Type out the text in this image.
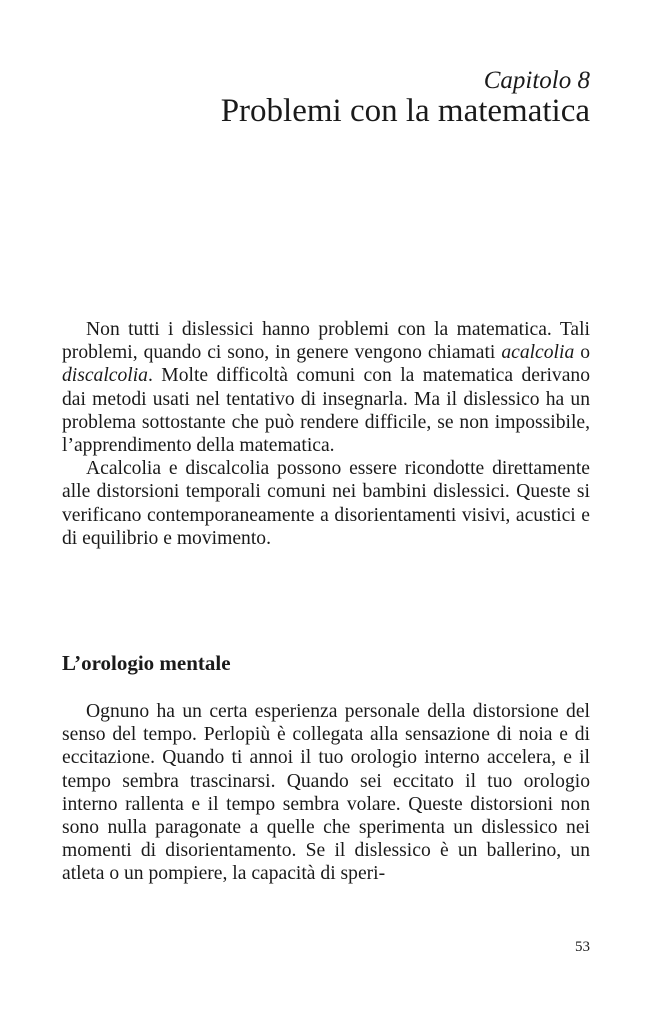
Capitolo 8
Problemi con la matematica

Non tutti i dislessici hanno problemi con la matematica. Tali problemi, quando ci sono, in genere vengono chiamati acalcolia o discalcolia. Molte difficoltà comuni con la matematica derivano dai metodi usati nel tentativo di insegnarla. Ma il dislessico ha un problema sottostante che può rendere difficile, se non impossibile, l’apprendimento della matematica.

Acalcolia e discalcolia possono essere ricondotte direttamente alle distorsioni temporali comuni nei bambini dislessici. Queste si verificano contemporaneamente a disorientamenti visivi, acustici e di equilibrio e movimento.

L’orologio mentale

Ognuno ha un certa esperienza personale della distorsione del senso del tempo. Perlopiù è collegata alla sensazione di noia e di eccitazione. Quando ti annoi il tuo orologio interno accelera, e il tempo sembra trascinarsi. Quando sei eccitato il tuo orologio interno rallenta e il tempo sembra volare. Queste distorsioni non sono nulla paragonate a quelle che sperimenta un dislessico nei momenti di disorientamento. Se il dislessico è un ballerino, un atleta o un pompiere, la capacità di speri-

53
